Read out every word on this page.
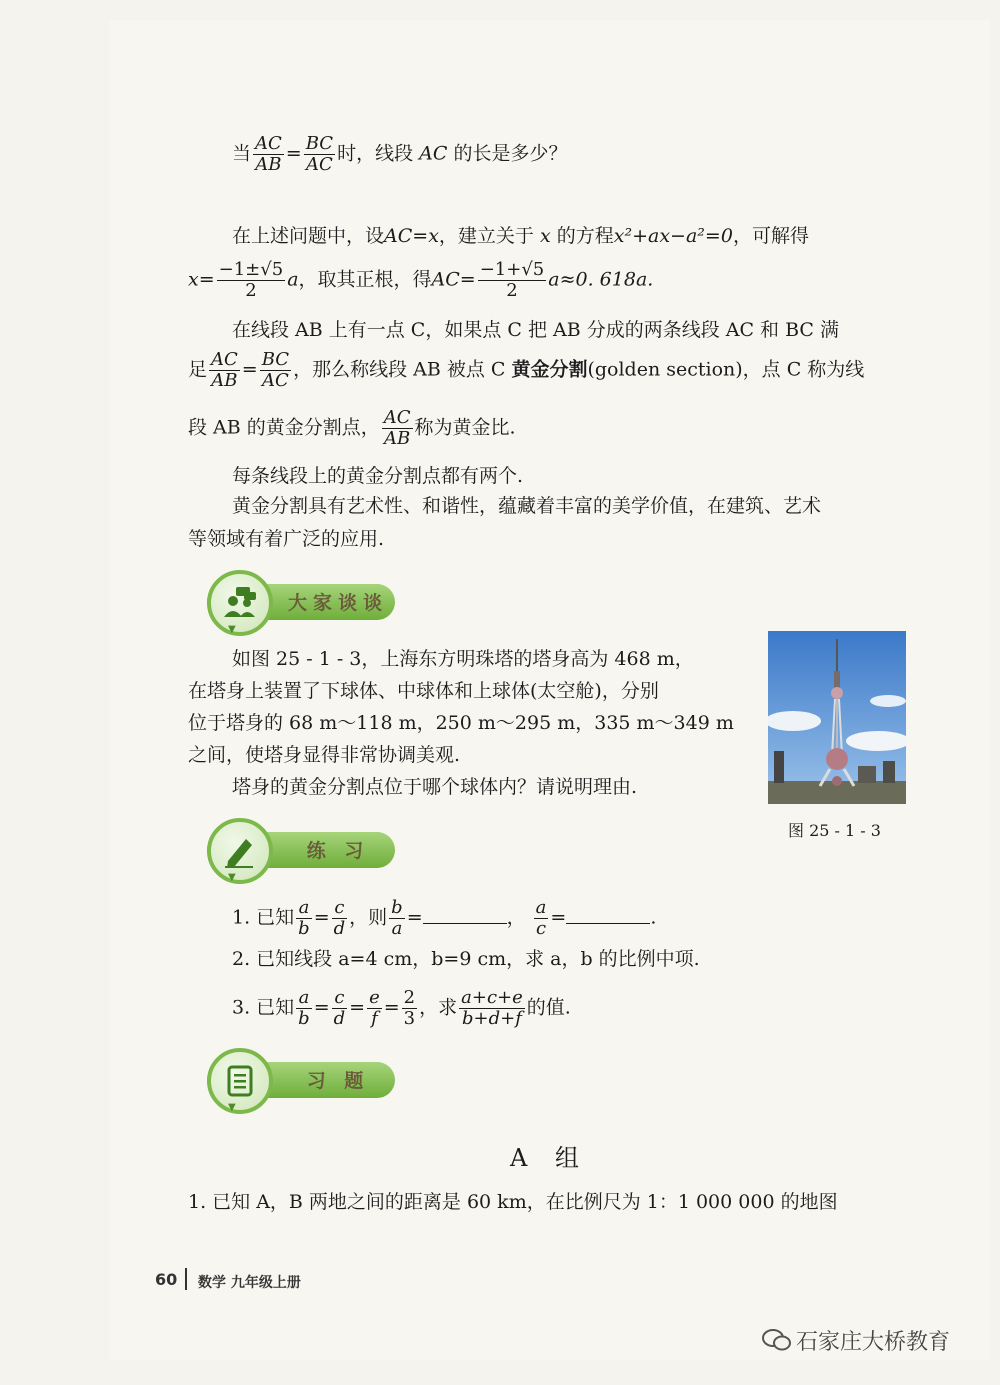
当 $\frac{AC}{AB} = \frac{BC}{AC}$ 时，线段 AC 的长是多少？
在上述问题中，设AC=x，建立关于 x 的方程x²+ax−a²=0，可解得
$x= \frac{-1\pm√5}{2}$ a，取其正根，得$AC= \frac{-1+√5}{2} a\approx 0$. 618a.
在线段 AB 上有一点 C，如果点 C 把 AB 分成的两条线段 AC 和 BC 满
足 $\frac{AC}{AB} = \frac{BC}{AC}$ ，那么称线段 AB 被点 C 黄金分割(golden section)，点 C 称为线
段 AB 的黄金分割点， $\frac{AC}{AB}$ 称为黄金比.
每条线段上的黄金分割点都有两个.
黄金分割具有艺术性、和谐性，蕴藏着丰富的美学价值，在建筑、艺术
等领域有着广泛的应用.
大家谈谈
▼
如图 25 - 1 - 3，上海东方明珠塔的塔身高为 468 m，
在塔身上装置了下球体、中球体和上球体(太空舱)，分别
位于塔身的 68 m～118 m，250 m～295 m，335 m～349 m
之间，使塔身显得非常协调美观.
塔身的黄金分割点位于哪个球体内？请说明理由.
图 25 - 1 - 3
练 习
▼
1. 已知 $\frac{a}{b} = \frac{c}{d}$ ，则 $\frac{b}{a}$ =	， $\frac{a}{c}$ =	.
2. 已知线段 a=4 cm，b=9 cm，求 a，b 的比例中项.
3. 已知 $\frac{a}{b} = \frac{c}{d} = \frac{e}{f} = \frac{2}{3}$ ，求 $\frac{a+c+e}{b+d+f}$ 的值.
习 题
▼
A 组
1. 已知 A，B 两地之间的距离是 60 km，在比例尺为 1：1 000 000 的地图
60 数学 九年级上册
石家庄大桥教育
